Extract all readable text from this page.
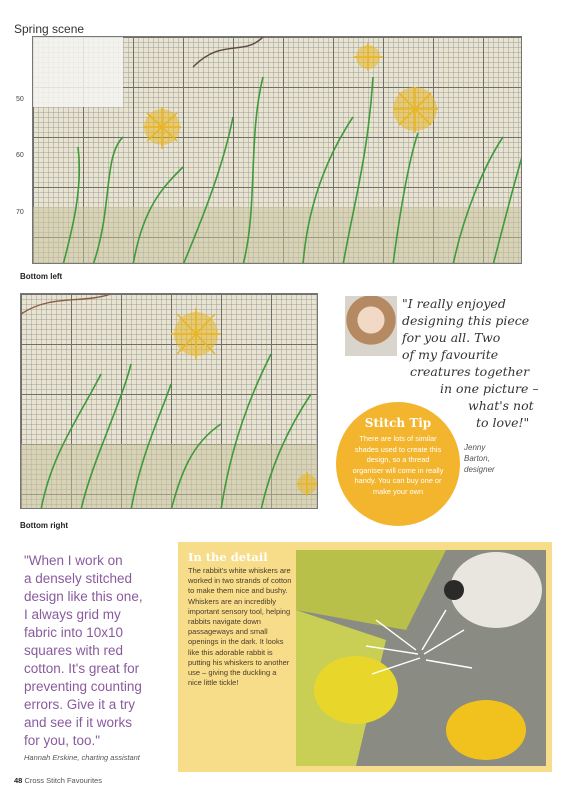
Spring scene
50
60
70
Bottom left
"I really enjoyed
designing this piece
for you all. Two
of my favourite
creatures together
in one picture –
what's not
to love!"
Jenny
Barton,
designer
Stitch Tip
There are lots of similar shades used to create this design, so a thread organiser will come in really handy. You can buy one or make your own
Bottom right
"When I work on
a densely stitched
design like this one,
I always grid my
fabric into 10x10
squares with red
cotton. It's great for
preventing counting
errors. Give it a try
and see if it works
for you, too."
Hannah Erskine, charting assistant
In the detail
The rabbit's white whiskers are worked in two strands of cotton to make them nice and bushy. Whiskers are an incredibly important sensory tool, helping rabbits navigate down passageways and small openings in the dark. It looks like this adorable rabbit is putting his whiskers to another use – giving the duckling a nice little tickle!
48 Cross Stitch Favourites
